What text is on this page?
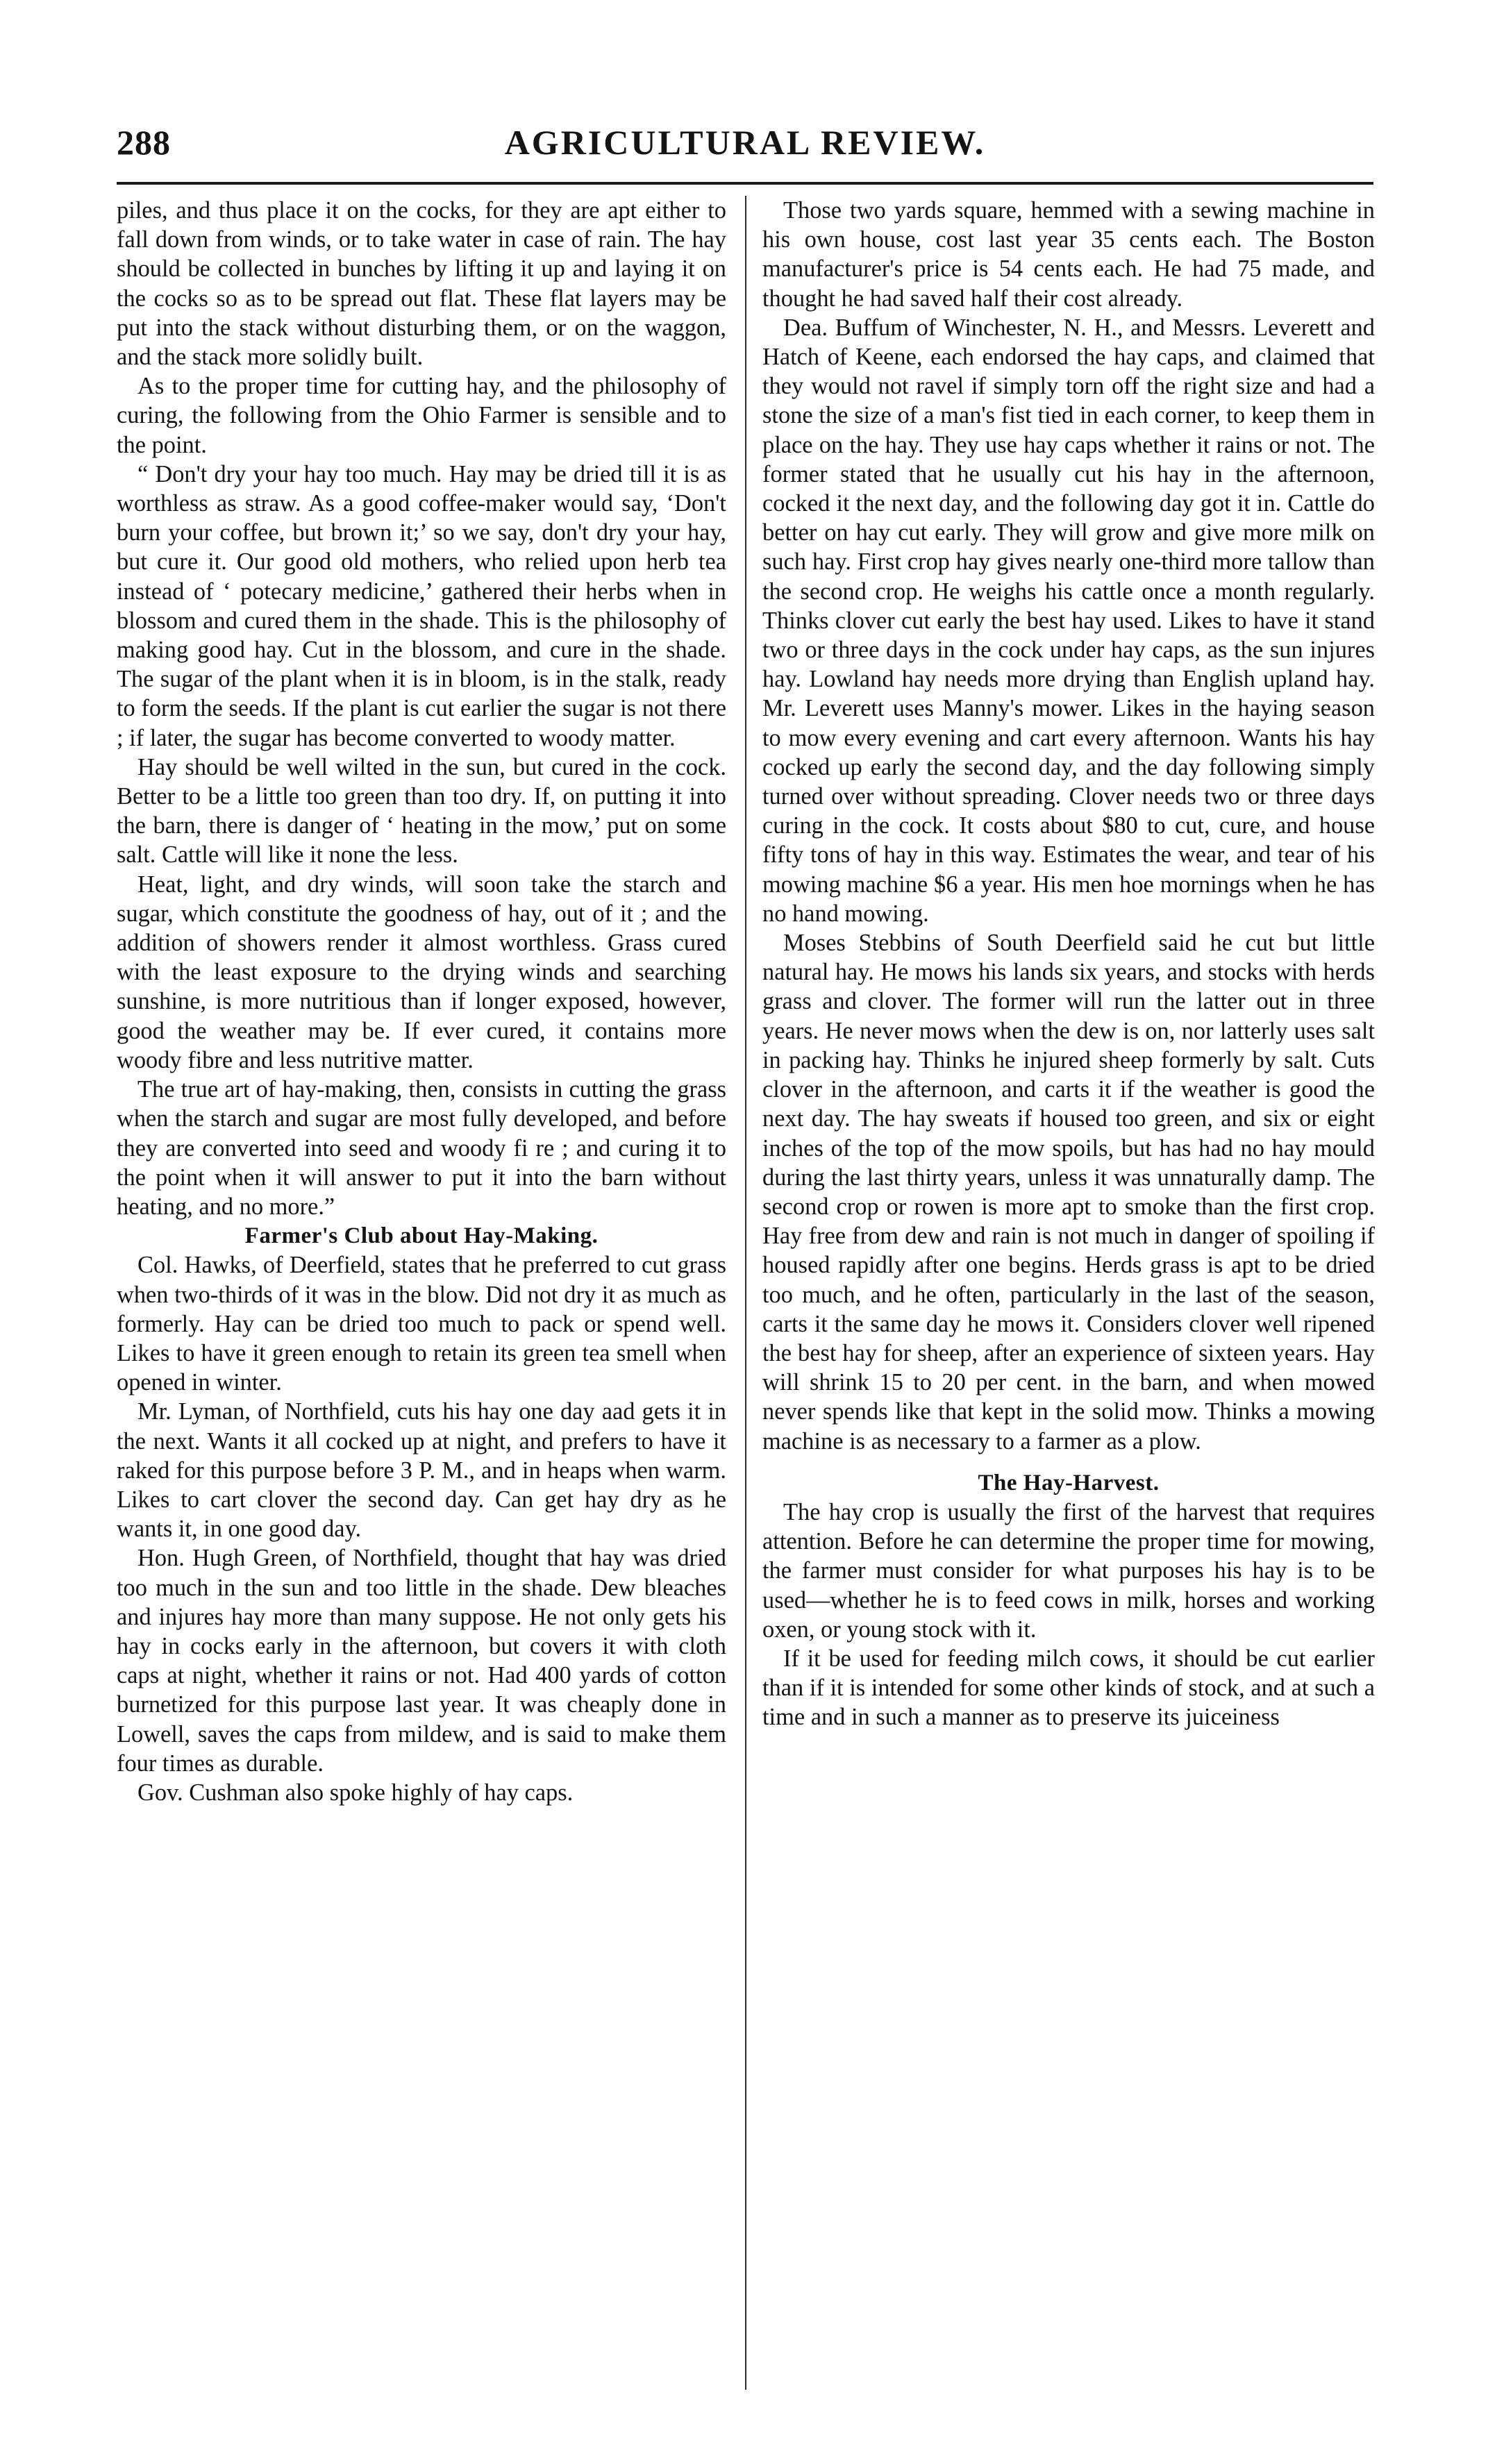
288	AGRICULTURAL REVIEW.

piles, and thus place it on the cocks, for they are apt either to fall down from winds, or to take water in case of rain. The hay should be collected in bunches by lifting it up and laying it on the cocks so as to be spread out flat. These flat layers may be put into the stack without disturbing them, or on the waggon, and the stack more solidly built.

As to the proper time for cutting hay, and the philosophy of curing, the following from the Ohio Farmer is sensible and to the point.

“ Don't dry your hay too much. Hay may be dried till it is as worthless as straw. As a good coffee-maker would say, ‘Don't burn your coffee, but brown it;’ so we say, don't dry your hay, but cure it. Our good old mothers, who relied upon herb tea instead of ‘ potecary medicine,’ gathered their herbs when in blossom and cured them in the shade. This is the philosophy of making good hay. Cut in the blossom, and cure in the shade. The sugar of the plant when it is in bloom, is in the stalk, ready to form the seeds. If the plant is cut earlier the sugar is not there ; if later, the sugar has become converted to woody matter.

Hay should be well wilted in the sun, but cured in the cock. Better to be a little too green than too dry. If, on putting it into the barn, there is danger of ‘ heating in the mow,’ put on some salt. Cattle will like it none the less.

Heat, light, and dry winds, will soon take the starch and sugar, which constitute the goodness of hay, out of it ; and the addition of showers render it almost worthless. Grass cured with the least exposure to the drying winds and searching sunshine, is more nutritious than if longer exposed, however, good the weather may be. If ever cured, it contains more woody fibre and less nutritive matter.

The true art of hay-making, then, consists in cutting the grass when the starch and sugar are most fully developed, and before they are converted into seed and woody fi re ; and curing it to the point when it will answer to put it into the barn without heating, and no more.”

Farmer's Club about Hay-Making.

Col. Hawks, of Deerfield, states that he preferred to cut grass when two-thirds of it was in the blow. Did not dry it as much as formerly. Hay can be dried too much to pack or spend well. Likes to have it green enough to retain its green tea smell when opened in winter.

Mr. Lyman, of Northfield, cuts his hay one day aad gets it in the next. Wants it all cocked up at night, and prefers to have it raked for this purpose before 3 P. M., and in heaps when warm. Likes to cart clover the second day. Can get hay dry as he wants it, in one good day.

Hon. Hugh Green, of Northfield, thought that hay was dried too much in the sun and too little in the shade. Dew bleaches and injures hay more than many suppose. He not only gets his hay in cocks early in the afternoon, but covers it with cloth caps at night, whether it rains or not. Had 400 yards of cotton burnetized for this purpose last year. It was cheaply done in Lowell, saves the caps from mildew, and is said to make them four times as durable.

Gov. Cushman also spoke highly of hay caps.

Those two yards square, hemmed with a sewing machine in his own house, cost last year 35 cents each. The Boston manufacturer's price is 54 cents each. He had 75 made, and thought he had saved half their cost already.

Dea. Buffum of Winchester, N. H., and Messrs. Leverett and Hatch of Keene, each endorsed the hay caps, and claimed that they would not ravel if simply torn off the right size and had a stone the size of a man's fist tied in each corner, to keep them in place on the hay. They use hay caps whether it rains or not. The former stated that he usually cut his hay in the afternoon, cocked it the next day, and the following day got it in. Cattle do better on hay cut early. They will grow and give more milk on such hay. First crop hay gives nearly one-third more tallow than the second crop. He weighs his cattle once a month regularly. Thinks clover cut early the best hay used. Likes to have it stand two or three days in the cock under hay caps, as the sun injures hay. Lowland hay needs more drying than English upland hay. Mr. Leverett uses Manny's mower. Likes in the haying season to mow every evening and cart every afternoon. Wants his hay cocked up early the second day, and the day following simply turned over without spreading. Clover needs two or three days curing in the cock. It costs about $80 to cut, cure, and house fifty tons of hay in this way. Estimates the wear, and tear of his mowing machine $6 a year. His men hoe mornings when he has no hand mowing.

Moses Stebbins of South Deerfield said he cut but little natural hay. He mows his lands six years, and stocks with herds grass and clover. The former will run the latter out in three years. He never mows when the dew is on, nor latterly uses salt in packing hay. Thinks he injured sheep formerly by salt. Cuts clover in the afternoon, and carts it if the weather is good the next day. The hay sweats if housed too green, and six or eight inches of the top of the mow spoils, but has had no hay mould during the last thirty years, unless it was unnaturally damp. The second crop or rowen is more apt to smoke than the first crop. Hay free from dew and rain is not much in danger of spoiling if housed rapidly after one begins. Herds grass is apt to be dried too much, and he often, particularly in the last of the season, carts it the same day he mows it. Considers clover well ripened the best hay for sheep, after an experience of sixteen years. Hay will shrink 15 to 20 per cent. in the barn, and when mowed never spends like that kept in the solid mow. Thinks a mowing machine is as necessary to a farmer as a plow.

The Hay-Harvest.

The hay crop is usually the first of the harvest that requires attention. Before he can determine the proper time for mowing, the farmer must consider for what purposes his hay is to be used—whether he is to feed cows in milk, horses and working oxen, or young stock with it.

If it be used for feeding milch cows, it should be cut earlier than if it is intended for some other kinds of stock, and at such a time and in such a manner as to preserve its juiceiness
